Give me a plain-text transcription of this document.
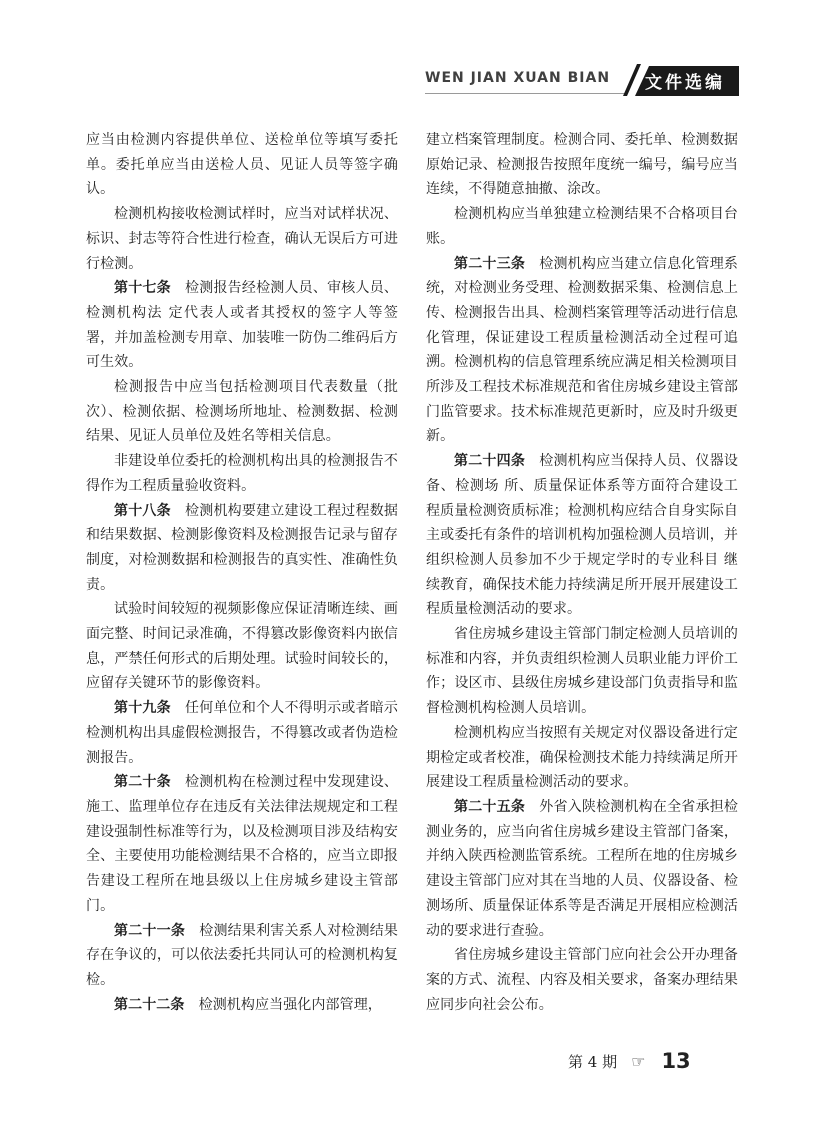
WEN JIAN XUAN BIAN 文件选编

应当由检测内容提供单位、送检单位等填写委托单。委托单应当由送检人员、见证人员等签字确认。

检测机构接收检测试样时，应当对试样状况、标识、封志等符合性进行检查，确认无误后方可进行检测。

第十七条　 检测报告经检测人员、审核人员、检测机构法 定代表人或者其授权的签字人等签署，并加盖检测专用章、加装唯一防伪二维码后方可生效。

检测报告中应当包括检测项目代表数量（批次）、检测依据、检测场所地址、检测数据、检测结果、见证人员单位及姓名等相关信息。

非建设单位委托的检测机构出具的检测报告不得作为工程质量验收资料。

第十八条　 检测机构要建立建设工程过程数据和结果数据、检测影像资料及检测报告记录与留存制度，对检测数据和检测报告的真实性、准确性负责。

试验时间较短的视频影像应保证清晰连续、画面完整、时间记录准确，不得篡改影像资料内嵌信息，严禁任何形式的后期处理。试验时间较长的，应留存关键环节的影像资料。

第十九条　 任何单位和个人不得明示或者暗示检测机构出具虚假检测报告，不得篡改或者伪造检测报告。

第二十条　 检测机构在检测过程中发现建设、施工、监理单位存在违反有关法律法规规定和工程建设强制性标准等行为，以及检测项目涉及结构安全、主要使用功能检测结果不合格的，应当立即报告建设工程所在地县级以上住房城乡建设主管部门。

第二十一条　 检测结果利害关系人对检测结果存在争议的，可以依法委托共同认可的检测机构复检。

第二十二条　 检测机构应当强化内部管理，

建立档案管理制度。检测合同、委托单、检测数据原始记录、检测报告按照年度统一编号，编号应当连续，不得随意抽撤、涂改。

检测机构应当单独建立检测结果不合格项目台账。

第二十三条　 检测机构应当建立信息化管理系统，对检测业务受理、检测数据采集、检测信息上传、检测报告出具、检测档案管理等活动进行信息化管理，保证建设工程质量检测活动全过程可追溯。检测机构的信息管理系统应满足相关检测项目所涉及工程技术标准规范和省住房城乡建设主管部门监管要求。技术标准规范更新时，应及时升级更新。

第二十四条　 检测机构应当保持人员、仪器设备、检测场 所、质量保证体系等方面符合建设工程质量检测资质标准；检测机构应结合自身实际自主或委托有条件的培训机构加强检测人员培训，并组织检测人员参加不少于规定学时的专业科目 继续教育，确保技术能力持续满足所开展开展建设工程质量检测活动的要求。

省住房城乡建设主管部门制定检测人员培训的标准和内容，并负责组织检测人员职业能力评价工作；设区市、县级住房城乡建设部门负责指导和监督检测机构检测人员培训。

检测机构应当按照有关规定对仪器设备进行定期检定或者校准，确保检测技术能力持续满足所开展建设工程质量检测活动的要求。

第二十五条　 外省入陕检测机构在全省承担检测业务的，应当向省住房城乡建设主管部门备案，并纳入陕西检测监管系统。工程所在地的住房城乡建设主管部门应对其在当地的人员、仪器设备、检测场所、质量保证体系等是否满足开展相应检测活动的要求进行查验。

省住房城乡建设主管部门应向社会公开办理备案的方式、流程、内容及相关要求，备案办理结果应同步向社会公布。

第 4 期 ☞ 13
